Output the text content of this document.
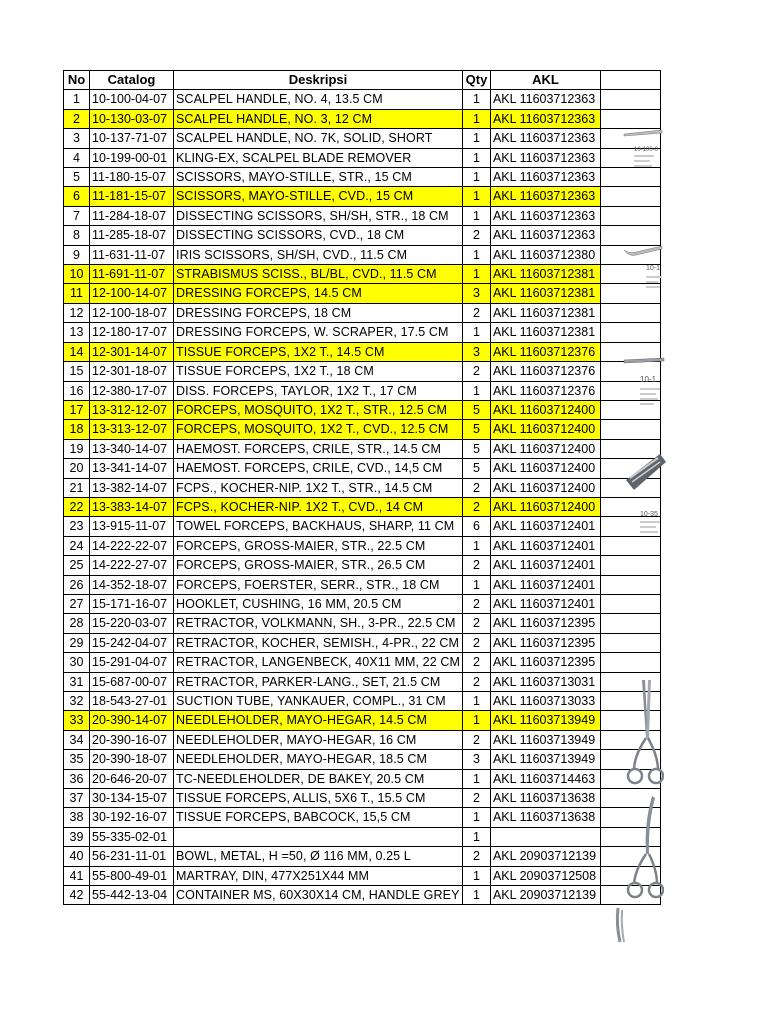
No	Catalog	Deskripsi	Qty	AKL	
1	10-100-04-07	SCALPEL HANDLE, NO. 4, 13.5 CM	1	AKL 11603712363	
2	10-130-03-07	SCALPEL HANDLE, NO. 3, 12 CM	1	AKL 11603712363	
3	10-137-71-07	SCALPEL HANDLE, NO. 7K, SOLID, SHORT	1	AKL 11603712363	
4	10-199-00-01	KLING-EX, SCALPEL BLADE REMOVER	1	AKL 11603712363	
5	11-180-15-07	SCISSORS, MAYO-STILLE, STR., 15 CM	1	AKL 11603712363	
6	11-181-15-07	SCISSORS, MAYO-STILLE, CVD., 15 CM	1	AKL 11603712363	
7	11-284-18-07	DISSECTING SCISSORS, SH/SH, STR., 18 CM	1	AKL 11603712363	
8	11-285-18-07	DISSECTING SCISSORS, CVD., 18 CM	2	AKL 11603712363	
9	11-631-11-07	IRIS SCISSORS, SH/SH, CVD., 11.5 CM	1	AKL 11603712380	
10	11-691-11-07	STRABISMUS SCISS., BL/BL, CVD., 11.5 CM	1	AKL 11603712381	
11	12-100-14-07	DRESSING FORCEPS, 14.5 CM	3	AKL 11603712381	
12	12-100-18-07	DRESSING FORCEPS, 18 CM	2	AKL 11603712381	
13	12-180-17-07	DRESSING FORCEPS, W. SCRAPER, 17.5 CM	1	AKL 11603712381	
14	12-301-14-07	TISSUE FORCEPS, 1X2 T., 14.5 CM	3	AKL 11603712376	
15	12-301-18-07	TISSUE FORCEPS, 1X2 T., 18 CM	2	AKL 11603712376	
16	12-380-17-07	DISS. FORCEPS, TAYLOR, 1X2 T., 17 CM	1	AKL 11603712376	
17	13-312-12-07	FORCEPS, MOSQUITO, 1X2 T., STR., 12.5 CM	5	AKL 11603712400	
18	13-313-12-07	FORCEPS, MOSQUITO, 1X2 T., CVD., 12.5 CM	5	AKL 11603712400	
19	13-340-14-07	HAEMOST. FORCEPS, CRILE, STR., 14.5 CM	5	AKL 11603712400	
20	13-341-14-07	HAEMOST. FORCEPS, CRILE, CVD., 14,5 CM	5	AKL 11603712400	
21	13-382-14-07	FCPS., KOCHER-NIP. 1X2 T., STR., 14.5 CM	2	AKL 11603712400	
22	13-383-14-07	FCPS., KOCHER-NIP. 1X2 T., CVD., 14 CM	2	AKL 11603712400	
23	13-915-11-07	TOWEL FORCEPS, BACKHAUS, SHARP, 11 CM	6	AKL 11603712401	
24	14-222-22-07	FORCEPS, GROSS-MAIER, STR., 22.5 CM	1	AKL 11603712401	
25	14-222-27-07	FORCEPS, GROSS-MAIER, STR., 26.5 CM	2	AKL 11603712401	
26	14-352-18-07	FORCEPS, FOERSTER, SERR., STR., 18 CM	1	AKL 11603712401	
27	15-171-16-07	HOOKLET, CUSHING, 16 MM, 20.5 CM	2	AKL 11603712401	
28	15-220-03-07	RETRACTOR, VOLKMANN, SH., 3-PR., 22.5 CM	2	AKL 11603712395	
29	15-242-04-07	RETRACTOR, KOCHER, SEMISH., 4-PR., 22 CM	2	AKL 11603712395	
30	15-291-04-07	RETRACTOR, LANGENBECK, 40X11 MM, 22 CM	2	AKL 11603712395	
31	15-687-00-07	RETRACTOR, PARKER-LANG., SET, 21.5 CM	2	AKL 11603713031	
32	18-543-27-01	SUCTION TUBE, YANKAUER, COMPL., 31 CM	1	AKL 11603713033	
33	20-390-14-07	NEEDLEHOLDER, MAYO-HEGAR, 14.5 CM	1	AKL 11603713949	
34	20-390-16-07	NEEDLEHOLDER, MAYO-HEGAR, 16 CM	2	AKL 11603713949	
35	20-390-18-07	NEEDLEHOLDER, MAYO-HEGAR, 18.5 CM	3	AKL 11603713949	
36	20-646-20-07	TC-NEEDLEHOLDER, DE BAKEY, 20.5 CM	1	AKL 11603714463	
37	30-134-15-07	TISSUE FORCEPS, ALLIS, 5X6 T., 15.5 CM	2	AKL 11603713638	
38	30-192-16-07	TISSUE FORCEPS, BABCOCK, 15,5 CM	1	AKL 11603713638	
39	55-335-02-01		1		
40	56-231-11-01	BOWL, METAL, H =50, Ø 116 MM, 0.25 L	2	AKL 20903712139	
41	55-800-49-01	MARTRAY, DIN, 477X251X44 MM	1	AKL 20903712508	
42	55-442-13-04	CONTAINER MS, 60X30X14 CM, HANDLE GREY	1	AKL 20903712139	
10-100-0
10-1
10-1
10-35
